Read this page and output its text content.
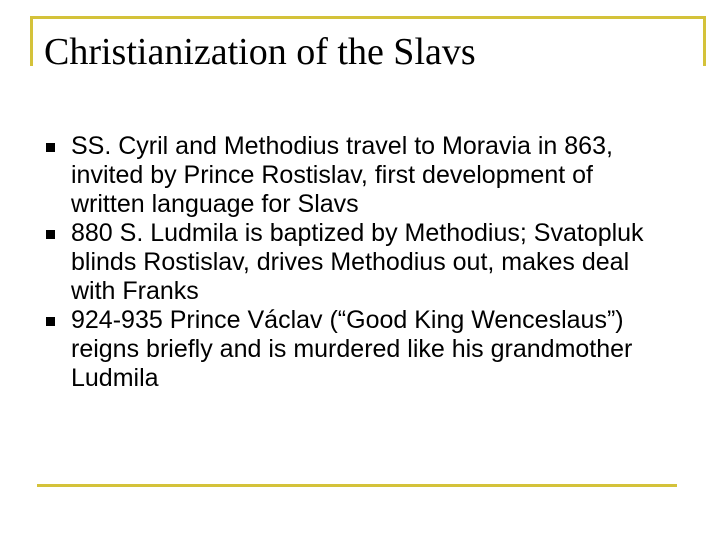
Christianization of the Slavs
SS. Cyril and Methodius travel to Moravia in 863, invited by Prince Rostislav, first development of written language for Slavs
880 S. Ludmila is baptized by Methodius; Svatopluk blinds Rostislav, drives Methodius out, makes deal with Franks
924-935 Prince Václav (“Good King Wenceslaus”) reigns briefly and is murdered like his grandmother Ludmila
